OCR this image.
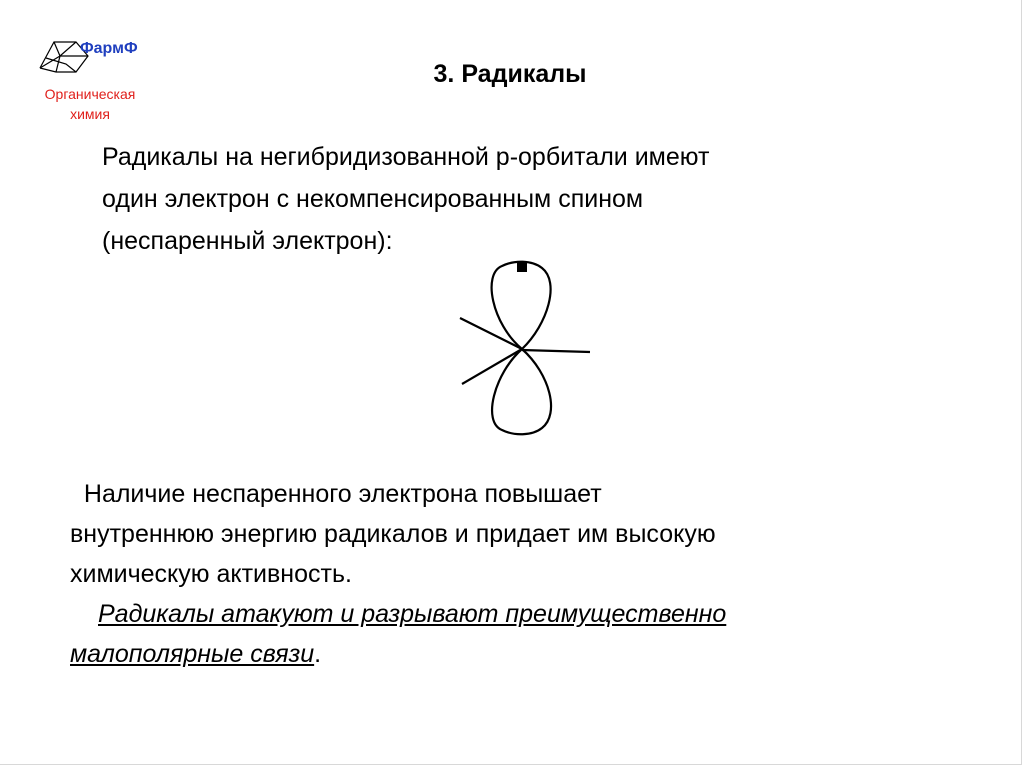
ФармФ
Органическая
химия
3. Радикалы
Радикалы на негибридизованной р-орбитали имеют
один электрон с некомпенсированным спином
(неспаренный электрон):
Наличие неспаренного электрона повышает
внутреннюю энергию радикалов и придает им высокую
химическую активность.
Радикалы атакуют и разрывают преимущественно
малополярные связи.
